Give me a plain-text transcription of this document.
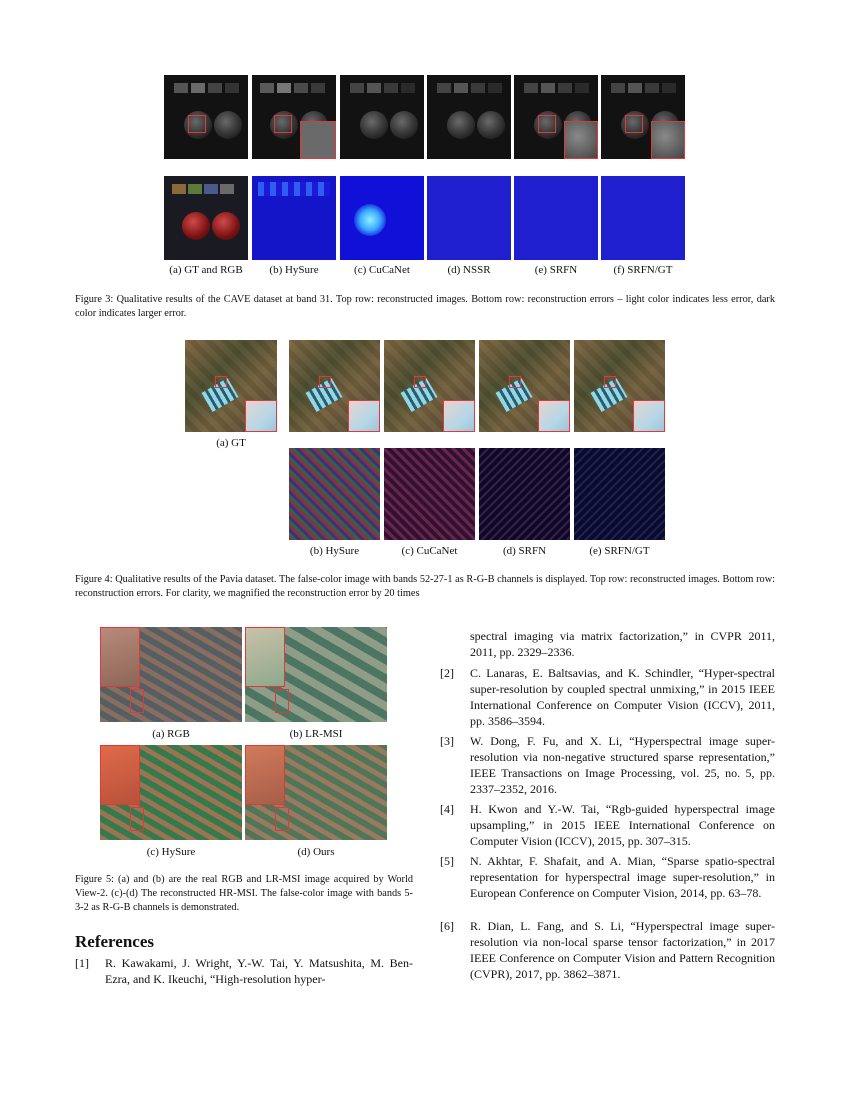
(a) GT and RGB	(b) HySure	(c) CuCaNet	(d) NSSR	(e) SRFN	(f) SRFN/GT
Figure 3: Qualitative results of the CAVE dataset at band 31. Top row: reconstructed images. Bottom row: reconstruction errors – light color indicates less error, dark color indicates larger error.
(a) GT
(b) HySure	(c) CuCaNet	(d) SRFN	(e) SRFN/GT
Figure 4: Qualitative results of the Pavia dataset. The false-color image with bands 52-27-1 as R-G-B channels is displayed. Top row: reconstructed images. Bottom row: reconstruction errors. For clarity, we magnified the reconstruction error by 20 times
(a) RGB	(b) LR-MSI
(c) HySure	(d) Ours
Figure 5: (a) and (b) are the real RGB and LR-MSI image acquired by World View-2. (c)-(d) The reconstructed HR-MSI. The false-color image with bands 5-3-2 as R-G-B channels is demonstrated.
References
[1] R. Kawakami, J. Wright, Y.-W. Tai, Y. Matsushita, M. Ben-Ezra, and K. Ikeuchi, “High-resolution hyper-
spectral imaging via matrix factorization,” in CVPR 2011, 2011, pp. 2329–2336.
[2] C. Lanaras, E. Baltsavias, and K. Schindler, “Hyper-spectral super-resolution by coupled spectral unmixing,” in 2015 IEEE International Conference on Computer Vision (ICCV), 2011, pp. 3586–3594.
[3] W. Dong, F. Fu, and X. Li, “Hyperspectral image super-resolution via non-negative structured sparse representation,” IEEE Transactions on Image Processing, vol. 25, no. 5, pp. 2337–2352, 2016.
[4] H. Kwon and Y.-W. Tai, “Rgb-guided hyperspectral image upsampling,” in 2015 IEEE International Conference on Computer Vision (ICCV), 2015, pp. 307–315.
[5] N. Akhtar, F. Shafait, and A. Mian, “Sparse spatio-spectral representation for hyperspectral image super-resolution,” in European Conference on Computer Vision, 2014, pp. 63–78.
[6] R. Dian, L. Fang, and S. Li, “Hyperspectral image super-resolution via non-local sparse tensor factorization,” in 2017 IEEE Conference on Computer Vision and Pattern Recognition (CVPR), 2017, pp. 3862–3871.
